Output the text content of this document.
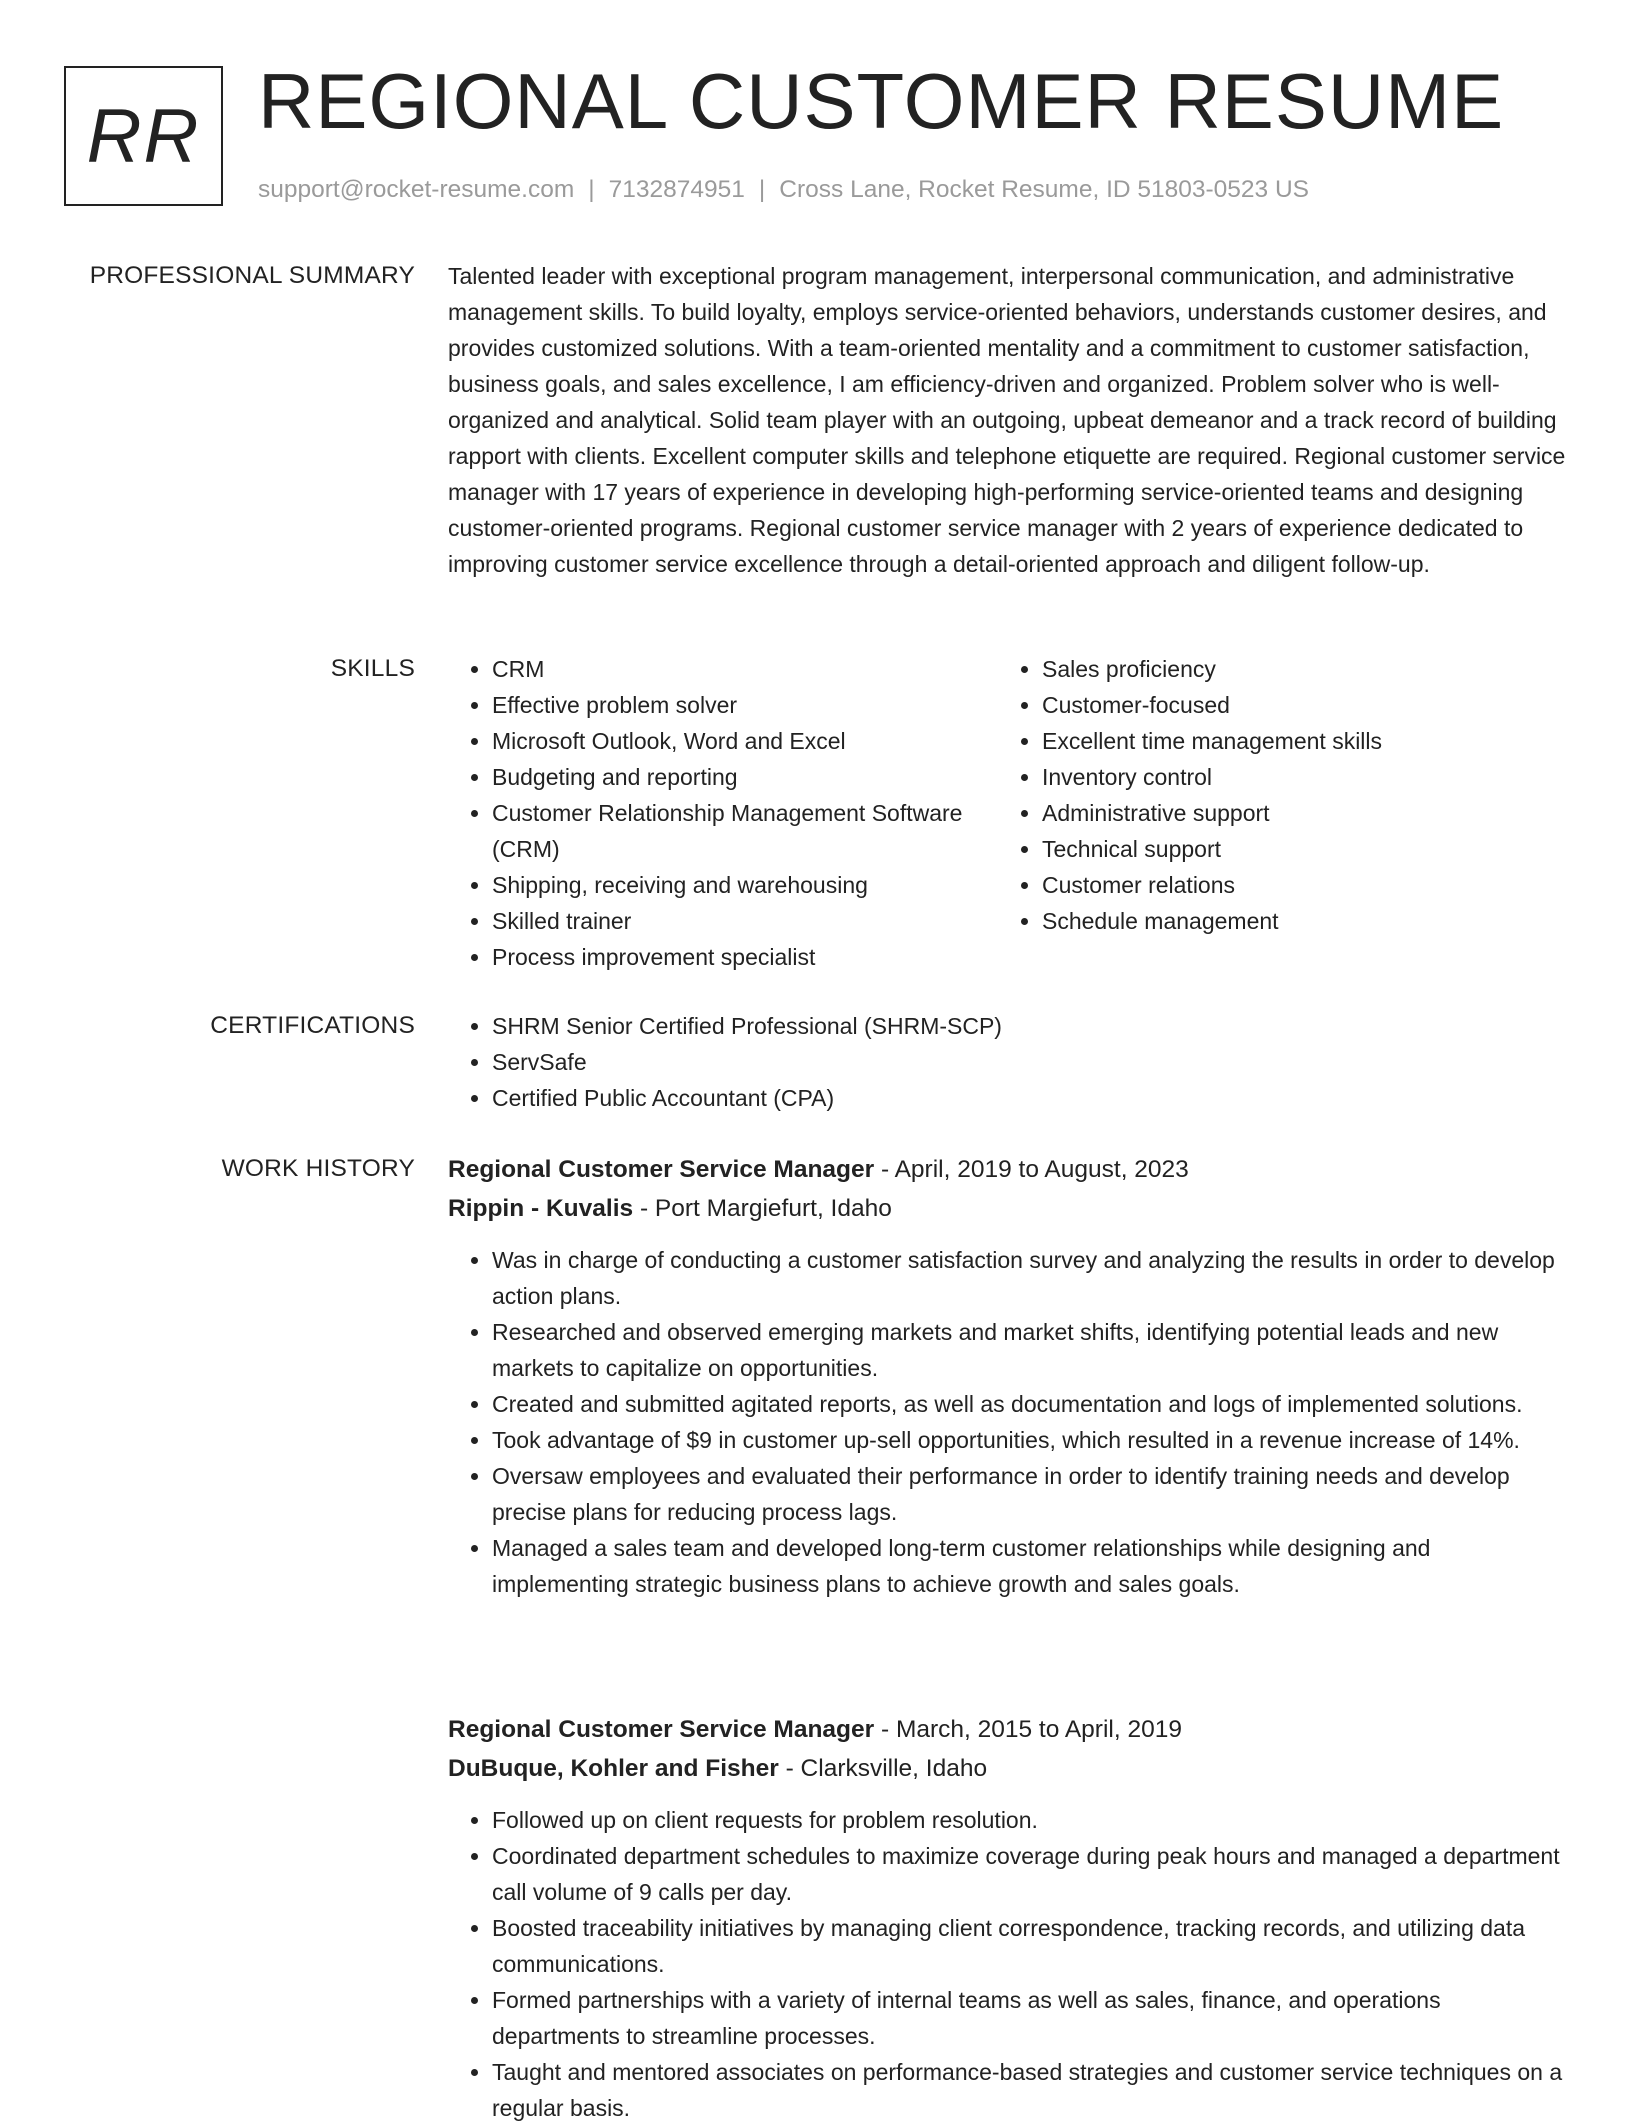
RR REGIONAL CUSTOMER RESUME
support@rocket-resume.com | 7132874951 | Cross Lane, Rocket Resume, ID 51803-0523 US
PROFESSIONAL SUMMARY Talented leader with exceptional program management, interpersonal communication, and administrative management skills. To build loyalty, employs service-oriented behaviors, understands customer desires, and provides customized solutions. With a team-oriented mentality and a commitment to customer satisfaction, business goals, and sales excellence, I am efficiency-driven and organized. Problem solver who is well-organized and analytical. Solid team player with an outgoing, upbeat demeanor and a track record of building rapport with clients. Excellent computer skills and telephone etiquette are required. Regional customer service manager with 17 years of experience in developing high-performing service-oriented teams and designing customer-oriented programs. Regional customer service manager with 2 years of experience dedicated to improving customer service excellence through a detail-oriented approach and diligent follow-up.
SKILLS	• CRM
• Effective problem solver
• Microsoft Outlook, Word and Excel
• Budgeting and reporting
• Customer Relationship Management Software (CRM)
• Shipping, receiving and warehousing
• Skilled trainer
• Process improvement specialist
• Sales proficiency
• Customer-focused
• Excellent time management skills
• Inventory control
• Administrative support
• Technical support
• Customer relations
• Schedule management
CERTIFICATIONS	• SHRM Senior Certified Professional (SHRM-SCP)
• ServSafe
• Certified Public Accountant (CPA)
WORK HISTORY Regional Customer Service Manager - April, 2019 to August, 2023
Rippin - Kuvalis - Port Margiefurt, Idaho
• Was in charge of conducting a customer satisfaction survey and analyzing the results in order to develop action plans.
• Researched and observed emerging markets and market shifts, identifying potential leads and new markets to capitalize on opportunities.
• Created and submitted agitated reports, as well as documentation and logs of implemented solutions.
• Took advantage of $9 in customer up-sell opportunities, which resulted in a revenue increase of 14%.
• Oversaw employees and evaluated their performance in order to identify training needs and develop precise plans for reducing process lags.
• Managed a sales team and developed long-term customer relationships while designing and implementing strategic business plans to achieve growth and sales goals.
Regional Customer Service Manager - March, 2015 to April, 2019
DuBuque, Kohler and Fisher - Clarksville, Idaho
• Followed up on client requests for problem resolution.
• Coordinated department schedules to maximize coverage during peak hours and managed a department call volume of 9 calls per day.
• Boosted traceability initiatives by managing client correspondence, tracking records, and utilizing data communications.
• Formed partnerships with a variety of internal teams as well as sales, finance, and operations departments to streamline processes.
• Taught and mentored associates on performance-based strategies and customer service techniques on a regular basis.
